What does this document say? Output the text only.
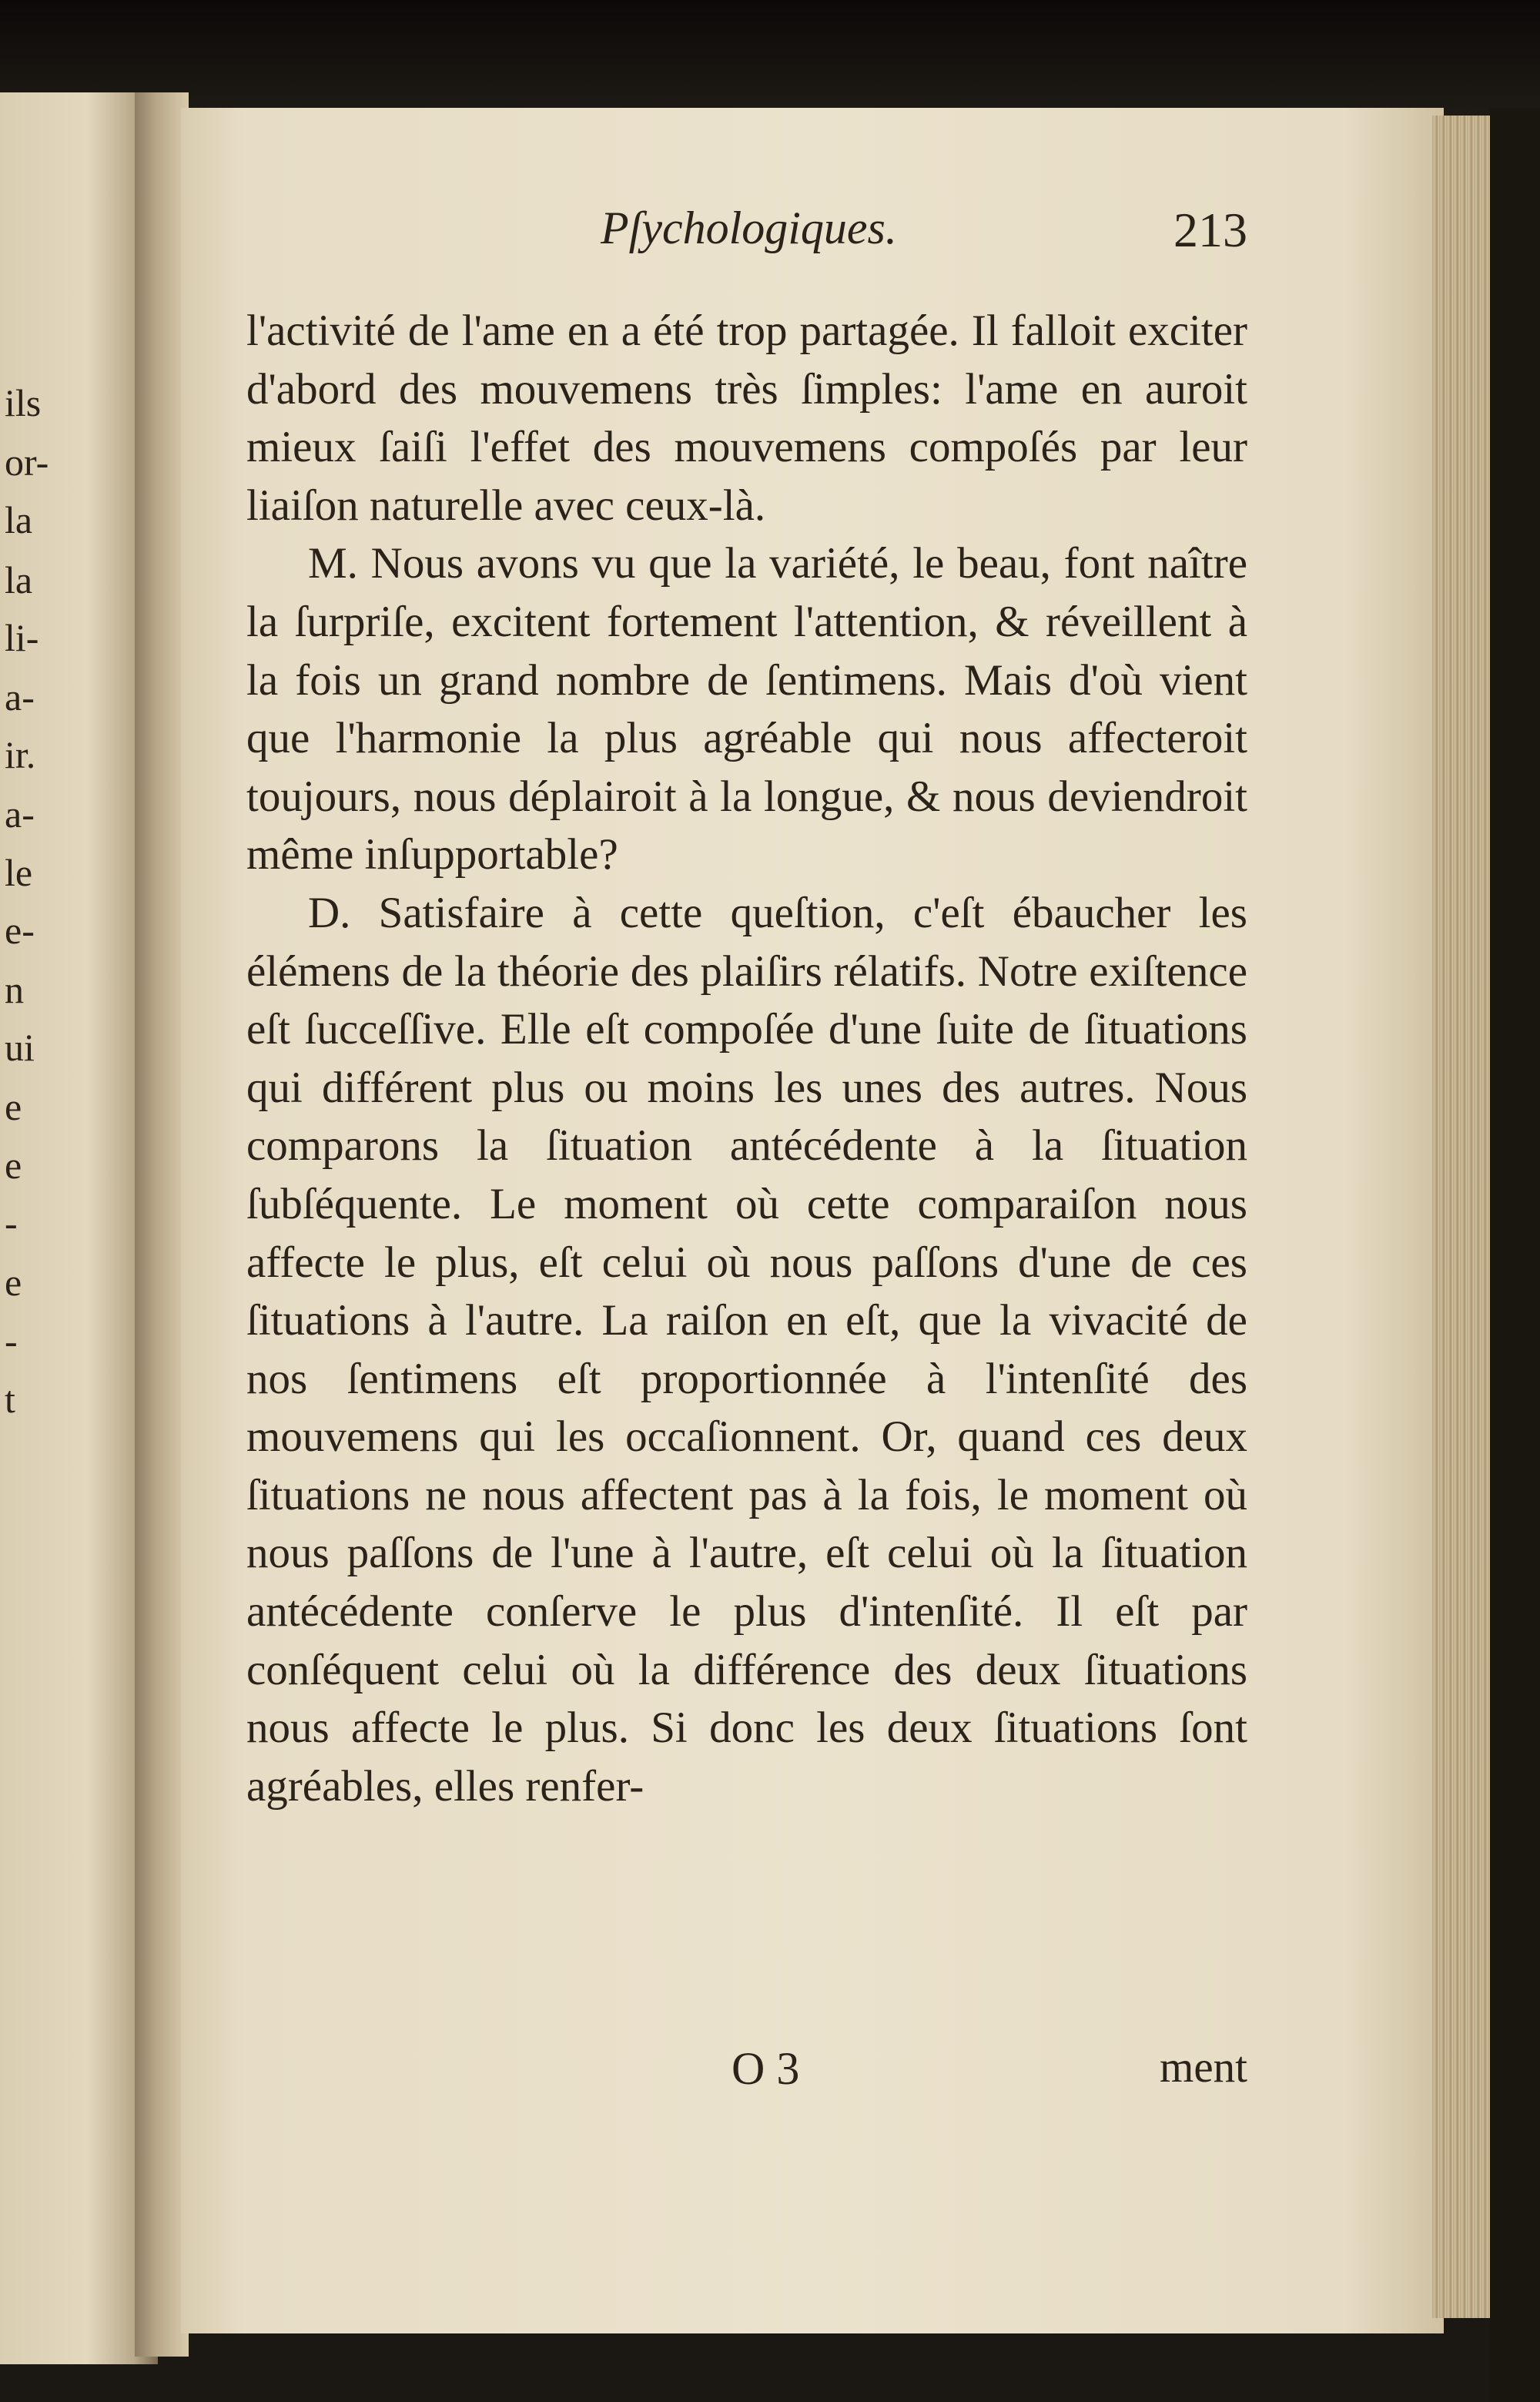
ils

or-

la

la

li-

a-

ir.

a-

le

e-

n

ui

e

e

-

e

-

t

Pſychologiques.	213

l'activité de l'ame en a été trop partagée. Il falloit exciter d'abord des mouvemens très ſimples: l'ame en auroit mieux ſaiſi l'effet des mouvemens compoſés par leur liaiſon naturelle avec ceux-là.

M. Nous avons vu que la variété, le beau, font naître la ſurpriſe, excitent fortement l'attention, & réveillent à la fois un grand nombre de ſentimens. Mais d'où vient que l'harmonie la plus agréable qui nous affecteroit toujours, nous déplairoit à la longue, & nous deviendroit même inſupportable?

D. Satisfaire à cette queſtion, c'eſt ébaucher les élémens de la théorie des plaiſirs rélatifs. Notre exiſtence eſt ſucceſſive. Elle eſt compoſée d'une ſuite de ſituations qui différent plus ou moins les unes des autres. Nous comparons la ſituation antécédente à la ſituation ſubſéquente. Le moment où cette comparaiſon nous affecte le plus, eſt celui où nous paſſons d'une de ces ſituations à l'autre. La raiſon en eſt, que la vivacité de nos ſentimens eſt proportionnée à l'intenſité des mouvemens qui les occaſionnent. Or, quand ces deux ſituations ne nous affectent pas à la fois, le moment où nous paſſons de l'une à l'autre, eſt celui où la ſituation antécédente conſerve le plus d'intenſité. Il eſt par conſéquent celui où la différence des deux ſituations nous affecte le plus. Si donc les deux ſituations ſont agréables, elles renfer-

O 3	ment
